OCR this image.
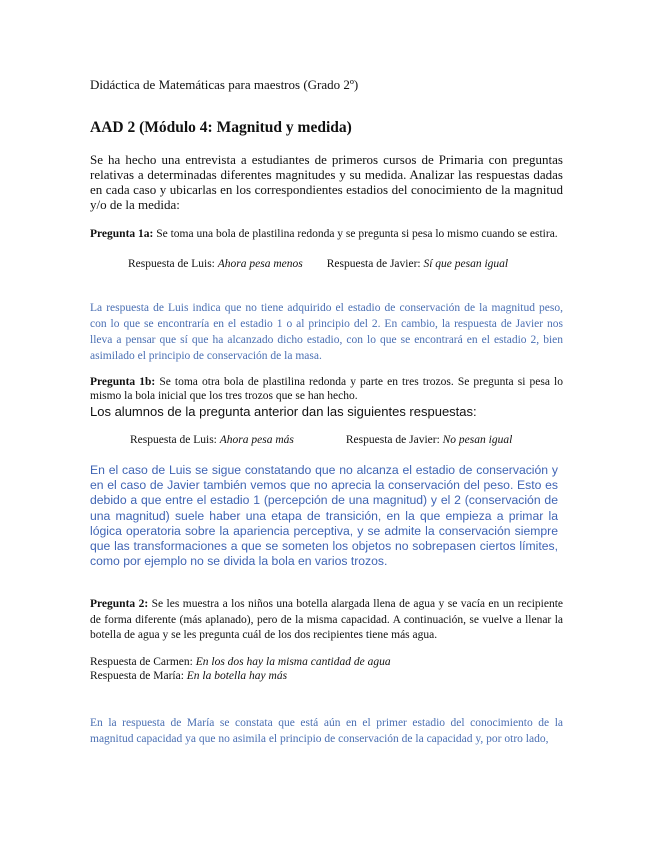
Didáctica de Matemáticas para maestros (Grado 2º)
AAD 2 (Módulo 4: Magnitud y medida)
Se ha hecho una entrevista a estudiantes de primeros cursos de Primaria con preguntas relativas a determinadas diferentes magnitudes y su medida. Analizar las respuestas dadas en cada caso y ubicarlas en los correspondientes estadios del conocimiento de la magnitud y/o de la medida:
Pregunta 1a: Se toma una bola de plastilina redonda y se pregunta si pesa lo mismo cuando se estira.
Respuesta de Luis: Ahora pesa menos Respuesta de Javier: Sí que pesan igual
La respuesta de Luis indica que no tiene adquirido el estadio de conservación de la magnitud peso, con lo que se encontraría en el estadio 1 o al principio del 2. En cambio, la respuesta de Javier nos lleva a pensar que sí que ha alcanzado dicho estadio, con lo que se encontrará en el estadio 2, bien asimilado el principio de conservación de la masa.
Pregunta 1b: Se toma otra bola de plastilina redonda y parte en tres trozos. Se pregunta si pesa lo mismo la bola inicial que los tres trozos que se han hecho.
Los alumnos de la pregunta anterior dan las siguientes respuestas:
Respuesta de Luis: Ahora pesa más	Respuesta de Javier: No pesan igual
En el caso de Luis se sigue constatando que no alcanza el estadio de conservación y en el caso de Javier también vemos que no aprecia la conservación del peso. Esto es debido a que entre el estadio 1 (percepción de una magnitud) y el 2 (conservación de una magnitud) suele haber una etapa de transición, en la que empieza a primar la lógica operatoria sobre la apariencia perceptiva, y se admite la conservación siempre que las transformaciones a que se someten los objetos no sobrepasen ciertos límites, como por ejemplo no se divida la bola en varios trozos.
Pregunta 2: Se les muestra a los niños una botella alargada llena de agua y se vacía en un recipiente de forma diferente (más aplanado), pero de la misma capacidad. A continuación, se vuelve a llenar la botella de agua y se les pregunta cuál de los dos recipientes tiene más agua.
Respuesta de Carmen: En los dos hay la misma cantidad de agua
Respuesta de María: En la botella hay más
En la respuesta de María se constata que está aún en el primer estadio del conocimiento de la magnitud capacidad ya que no asimila el principio de conservación de la capacidad y, por otro lado,
